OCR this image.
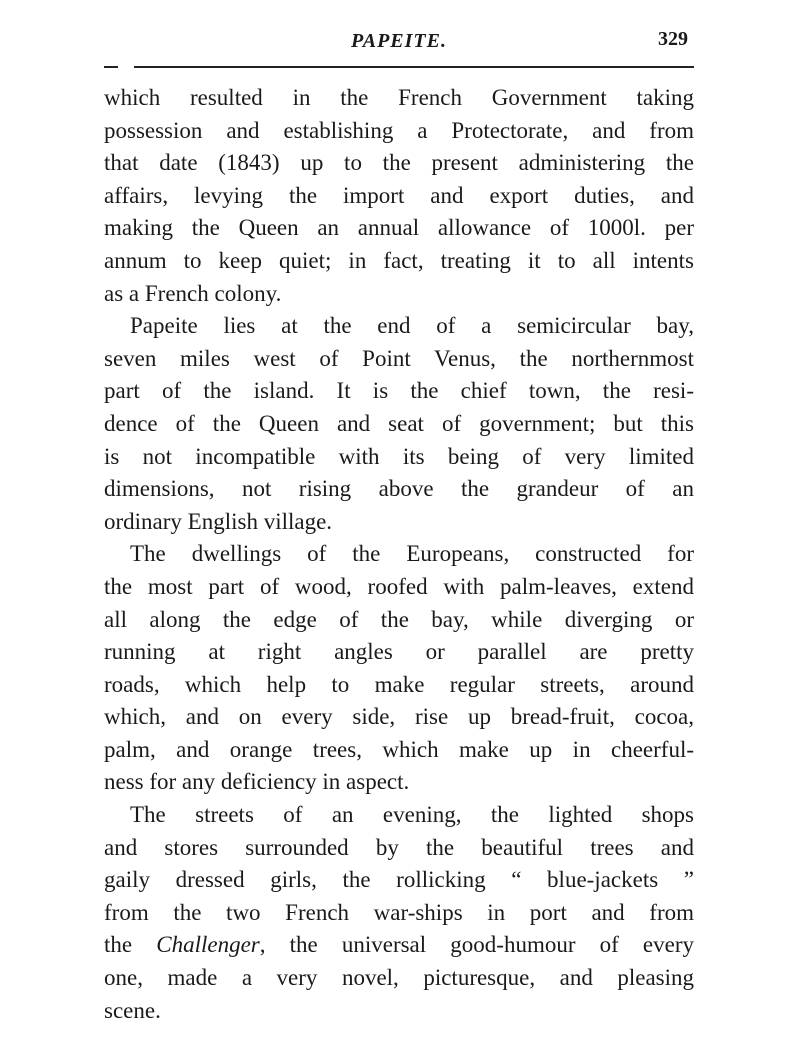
PAPEITE.	329
which resulted in the French Government taking
possession and establishing a Protectorate, and from
that date (1843) up to the present administering the
affairs, levying the import and export duties, and
making the Queen an annual allowance of 1000l. per
annum to keep quiet; in fact, treating it to all intents
as a French colony.
Papeite lies at the end of a semicircular bay,
seven miles west of Point Venus, the northernmost
part of the island. It is the chief town, the resi-
dence of the Queen and seat of government; but this
is not incompatible with its being of very limited
dimensions, not rising above the grandeur of an
ordinary English village.
The dwellings of the Europeans, constructed for
the most part of wood, roofed with palm-leaves, extend
all along the edge of the bay, while diverging or
running at right angles or parallel are pretty
roads, which help to make regular streets, around
which, and on every side, rise up bread-fruit, cocoa,
palm, and orange trees, which make up in cheerful-
ness for any deficiency in aspect.
The streets of an evening, the lighted shops
and stores surrounded by the beautiful trees and
gaily dressed girls, the rollicking “ blue-jackets ”
from the two French war-ships in port and from
the Challenger, the universal good-humour of every
one, made a very novel, picturesque, and pleasing
scene.
